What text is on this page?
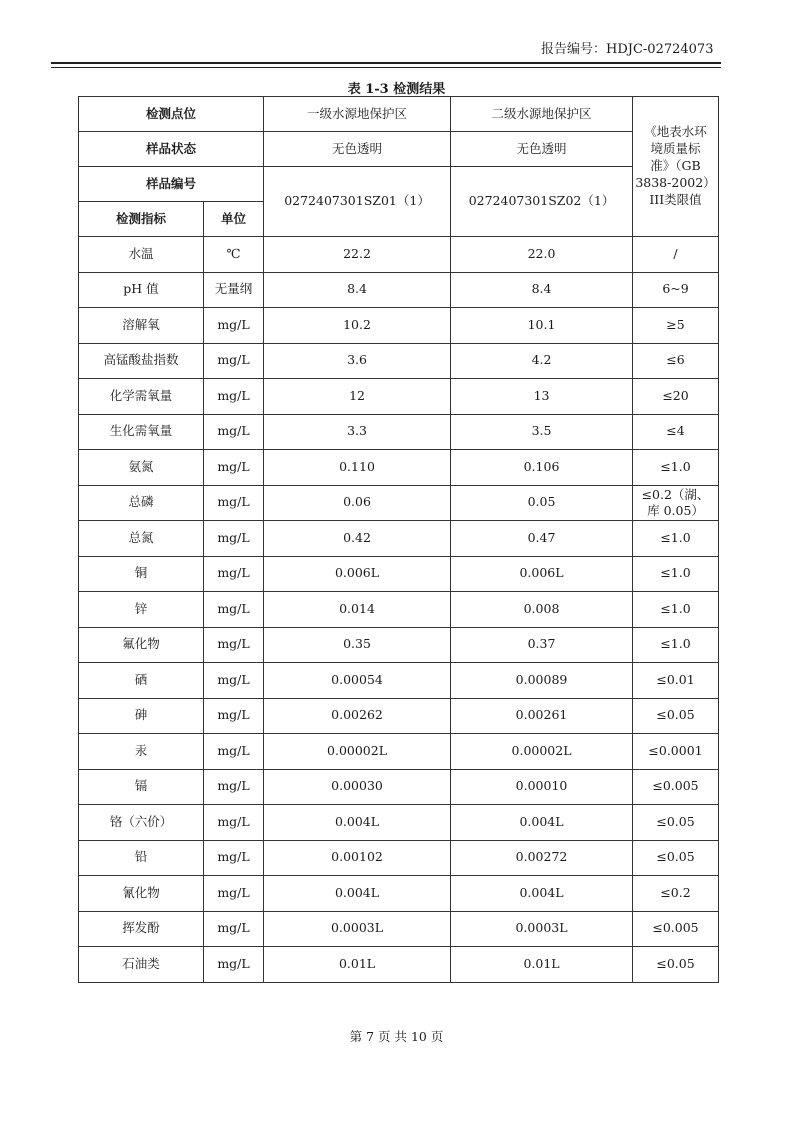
报告编号：HDJC-02724073
表 1-3 检测结果
检测点位		一级水源地保护区	二级水源地保护区	《地表水环
境质量标
准》（GB
3838-2002）
III类限值

样品状态		无色透明	无色透明	
样品编号		0272407301SZ01（1）	0272407301SZ02（1）	
检测指标	单位			
水温	℃	22.2	22.0	/
pH 值	无量纲	8.4	8.4	6~9
溶解氧	mg/L	10.2	10.1	≥5
高锰酸盐指数	mg/L	3.6	4.2	≤6
化学需氧量	mg/L	12	13	≤20
生化需氧量	mg/L	3.3	3.5	≤4
氨氮	mg/L	0.110	0.106	≤1.0
总磷	mg/L	0.06	0.05	≤0.2（湖、
库 0.05）

总氮	mg/L	0.42	0.47	≤1.0
铜	mg/L	0.006L	0.006L	≤1.0
锌	mg/L	0.014	0.008	≤1.0
氟化物	mg/L	0.35	0.37	≤1.0
硒	mg/L	0.00054	0.00089	≤0.01
砷	mg/L	0.00262	0.00261	≤0.05
汞	mg/L	0.00002L	0.00002L	≤0.0001
镉	mg/L	0.00030	0.00010	≤0.005
铬（六价）	mg/L	0.004L	0.004L	≤0.05
铅	mg/L	0.00102	0.00272	≤0.05
氰化物	mg/L	0.004L	0.004L	≤0.2
挥发酚	mg/L	0.0003L	0.0003L	≤0.005
石油类	mg/L	0.01L	0.01L	≤0.05
第 7 页 共 10 页
